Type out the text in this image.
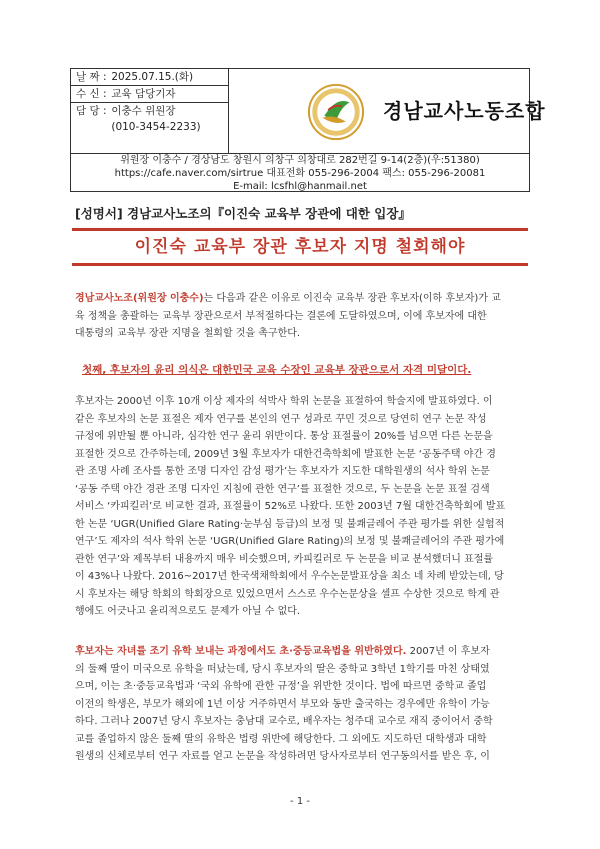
날 짜 : 2025.07.15.(화)
수 신 : 교육 담당기자
담 당 : 이충수 위원장
(010-3454-2233)
경남교사노동조합
위원장 이충수 / 경상남도 창원시 의창구 의창대로 282번길 9-14(2층)(우:51380)
https://cafe.naver.com/sirtrue 대표전화 055-296-2004 팩스: 055-296-20081
E-mail: lcsfhl@hanmail.net
[성명서] 경남교사노조의『이진숙 교육부 장관에 대한 입장』
이진숙 교육부 장관 후보자 지명 철회해야
경남교사노조(위원장 이충수)는 다음과 같은 이유로 이진숙 교육부 장관 후보자(이하 후보자)가 교
육 정책을 총괄하는 교육부 장관으로서 부적절하다는 결론에 도달하였으며, 이에 후보자에 대한
대통령의 교육부 장관 지명을 철회할 것을 촉구한다.
첫째, 후보자의 윤리 의식은 대한민국 교육 수장인 교육부 장관으로서 자격 미달이다.
후보자는 2000년 이후 10개 이상 제자의 석박사 학위 논문을 표절하여 학술지에 발표하였다. 이
같은 후보자의 논문 표절은 제자 연구를 본인의 연구 성과로 꾸민 것으로 당연히 연구 논문 작성
규정에 위반될 뿐 아니라, 심각한 연구 윤리 위반이다. 통상 표절률이 20%를 넘으면 다른 논문을
표절한 것으로 간주하는데, 2009년 3월 후보자가 대한건축학회에 발표한 논문 ‘공동주택 야간 경
관 조명 사례 조사를 통한 조명 디자인 감성 평가’는 후보자가 지도한 대학원생의 석사 학위 논문
‘공동 주택 야간 경관 조명 디자인 지침에 관한 연구’를 표절한 것으로, 두 논문을 논문 표절 검색
서비스 ‘카피킬러’로 비교한 결과, 표절률이 52%로 나왔다. 또한 2003년 7월 대한건축학회에 발표
한 논문 ‘UGR(Unified Glare Rating·눈부심 등급)의 보정 및 불쾌글레어 주관 평가를 위한 실험적
연구’도 제자의 석사 학위 논문 ‘UGR(Unified Glare Rating)의 보정 및 불쾌글레어의 주관 평가에
관한 연구’와 제목부터 내용까지 매우 비슷했으며, 카피킬러로 두 논문을 비교 분석했더니 표절률
이 43%나 나왔다. 2016~2017년 한국색채학회에서 우수논문발표상을 최소 네 차례 받았는데, 당
시 후보자는 해당 학회의 학회장으로 있었으면서 스스로 우수논문상을 셀프 수상한 것으로 학계 관
행에도 어긋나고 윤리적으로도 문제가 아닐 수 없다.
후보자는 자녀를 조기 유학 보내는 과정에서도 초·중등교육법을 위반하였다. 2007년 이 후보자
의 둘째 딸이 미국으로 유학을 떠났는데, 당시 후보자의 딸은 중학교 3학년 1학기를 마친 상태였
으며, 이는 초·중등교육법과 ‘국외 유학에 관한 규정’을 위반한 것이다. 법에 따르면 중학교 졸업
이전의 학생은, 부모가 해외에 1년 이상 거주하면서 부모와 동반 출국하는 경우에만 유학이 가능
하다. 그러나 2007년 당시 후보자는 충남대 교수로, 배우자는 청주대 교수로 재직 중이어서 중학
교를 졸업하지 않은 둘째 딸의 유학은 법령 위반에 해당한다. 그 외에도 지도하던 대학생과 대학
원생의 신체로부터 연구 자료를 얻고 논문을 작성하려면 당사자로부터 연구동의서를 받은 후, 이
- 1 -
